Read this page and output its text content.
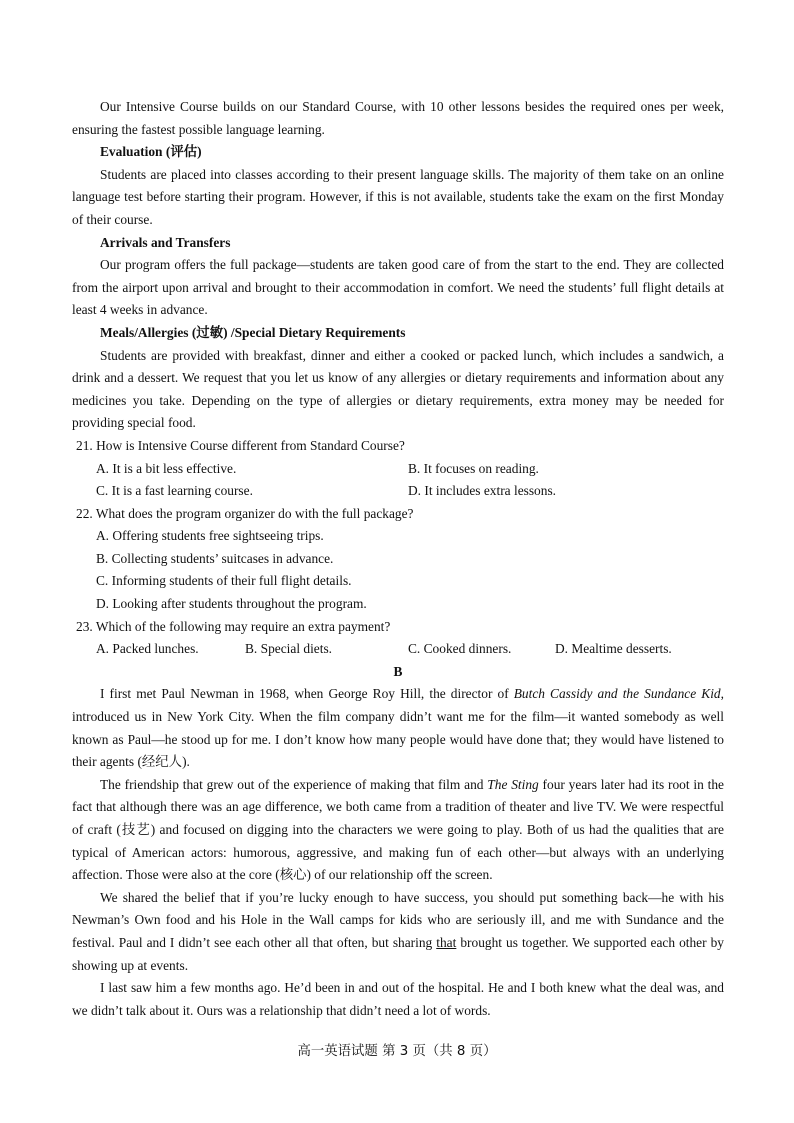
Our Intensive Course builds on our Standard Course, with 10 other lessons besides the required ones per week, ensuring the fastest possible language learning.

Evaluation (评估)

Students are placed into classes according to their present language skills. The majority of them take on an online language test before starting their program. However, if this is not available, students take the exam on the first Monday of their course.

Arrivals and Transfers

Our program offers the full package—students are taken good care of from the start to the end. They are collected from the airport upon arrival and brought to their accommodation in comfort. We need the students’ full flight details at least 4 weeks in advance.

Meals/Allergies (过敏) /Special Dietary Requirements

Students are provided with breakfast, dinner and either a cooked or packed lunch, which includes a sandwich, a drink and a dessert. We request that you let us know of any allergies or dietary requirements and information about any medicines you take. Depending on the type of allergies or dietary requirements, extra money may be needed for providing special food.

21. How is Intensive Course different from Standard Course?

A. It is a bit less effective.	B. It focuses on reading.
C. It is a fast learning course.	D. It includes extra lessons.

22. What does the program organizer do with the full package?

A. Offering students free sightseeing trips.

B. Collecting students’ suitcases in advance.

C. Informing students of their full flight details.

D. Looking after students throughout the program.

23. Which of the following may require an extra payment?

A. Packed lunches.	B. Special diets.	C. Cooked dinners.	D. Mealtime desserts.

B

I first met Paul Newman in 1968, when George Roy Hill, the director of Butch Cassidy and the Sundance Kid, introduced us in New York City. When the film company didn’t want me for the film—it wanted somebody as well known as Paul—he stood up for me. I don’t know how many people would have done that; they would have listened to their agents (经纪人).

The friendship that grew out of the experience of making that film and The Sting four years later had its root in the fact that although there was an age difference, we both came from a tradition of theater and live TV. We were respectful of craft (技艺) and focused on digging into the characters we were going to play. Both of us had the qualities that are typical of American actors: humorous, aggressive, and making fun of each other—but always with an underlying affection. Those were also at the core (核心) of our relationship off the screen.

We shared the belief that if you’re lucky enough to have success, you should put something back—he with his Newman’s Own food and his Hole in the Wall camps for kids who are seriously ill, and me with Sundance and the festival. Paul and I didn’t see each other all that often, but sharing that brought us together. We supported each other by showing up at events.

I last saw him a few months ago. He’d been in and out of the hospital. He and I both knew what the deal was, and we didn’t talk about it. Ours was a relationship that didn’t need a lot of words.

高一英语试题 第 3 页（共 8 页）
